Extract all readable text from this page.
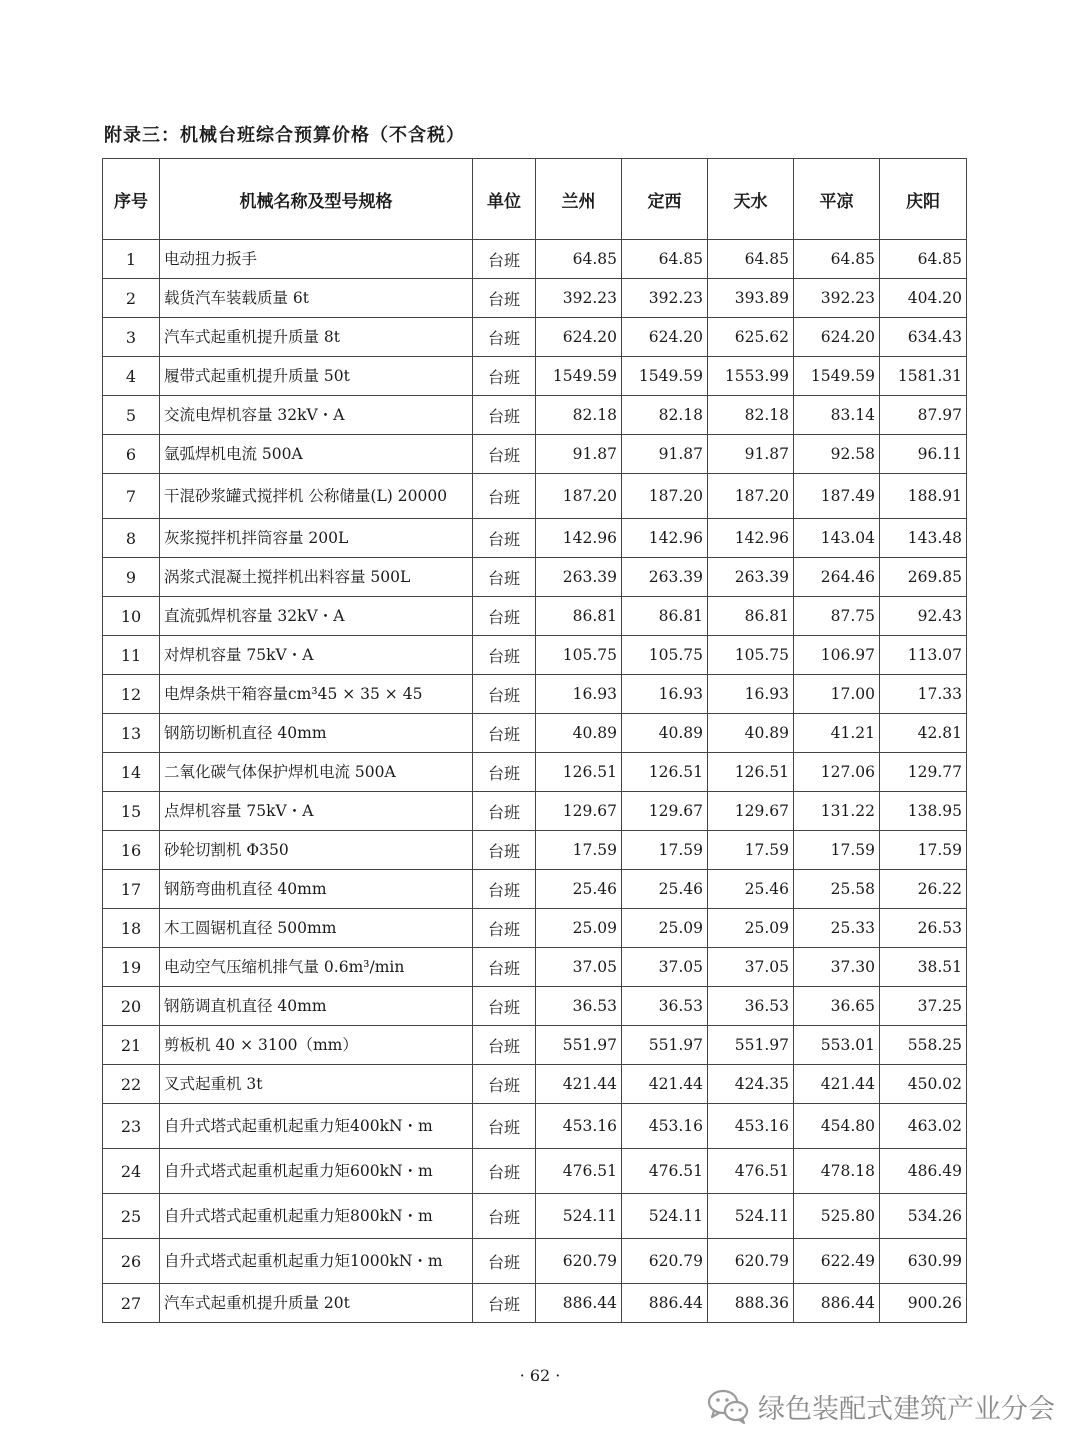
附录三：机械台班综合预算价格（不含税）
序号	机械名称及型号规格	单位	兰州	定西	天水	平凉	庆阳
1	电动扭力扳手	台班	64.85	64.85	64.85	64.85	64.85
2	载货汽车装载质量 6t	台班	392.23	392.23	393.89	392.23	404.20
3	汽车式起重机提升质量 8t	台班	624.20	624.20	625.62	624.20	634.43
4	履带式起重机提升质量 50t	台班	1549.59	1549.59	1553.99	1549.59	1581.31
5	交流电焊机容量 32kV・A	台班	82.18	82.18	82.18	83.14	87.97
6	氩弧焊机电流 500A	台班	91.87	91.87	91.87	92.58	96.11
7	干混砂浆罐式搅拌机 公称储量(L) 20000	台班	187.20	187.20	187.20	187.49	188.91
8	灰浆搅拌机拌筒容量 200L	台班	142.96	142.96	142.96	143.04	143.48
9	涡浆式混凝土搅拌机出料容量 500L	台班	263.39	263.39	263.39	264.46	269.85
10	直流弧焊机容量 32kV・A	台班	86.81	86.81	86.81	87.75	92.43
11	对焊机容量 75kV・A	台班	105.75	105.75	105.75	106.97	113.07
12	电焊条烘干箱容量cm³45 × 35 × 45	台班	16.93	16.93	16.93	17.00	17.33
13	钢筋切断机直径 40mm	台班	40.89	40.89	40.89	41.21	42.81
14	二氧化碳气体保护焊机电流 500A	台班	126.51	126.51	126.51	127.06	129.77
15	点焊机容量 75kV・A	台班	129.67	129.67	129.67	131.22	138.95
16	砂轮切割机 Φ350	台班	17.59	17.59	17.59	17.59	17.59
17	钢筋弯曲机直径 40mm	台班	25.46	25.46	25.46	25.58	26.22
18	木工圆锯机直径 500mm	台班	25.09	25.09	25.09	25.33	26.53
19	电动空气压缩机排气量 0.6m³/min	台班	37.05	37.05	37.05	37.30	38.51
20	钢筋调直机直径 40mm	台班	36.53	36.53	36.53	36.65	37.25
21	剪板机 40 × 3100（mm）	台班	551.97	551.97	551.97	553.01	558.25
22	叉式起重机 3t	台班	421.44	421.44	424.35	421.44	450.02
23	自升式塔式起重机起重力矩400kN・m	台班	453.16	453.16	453.16	454.80	463.02
24	自升式塔式起重机起重力矩600kN・m	台班	476.51	476.51	476.51	478.18	486.49
25	自升式塔式起重机起重力矩800kN・m	台班	524.11	524.11	524.11	525.80	534.26
26	自升式塔式起重机起重力矩1000kN・m	台班	620.79	620.79	620.79	622.49	630.99
27	汽车式起重机提升质量 20t	台班	886.44	886.44	888.36	886.44	900.26
· 62 ·
绿色装配式建筑产业分会
